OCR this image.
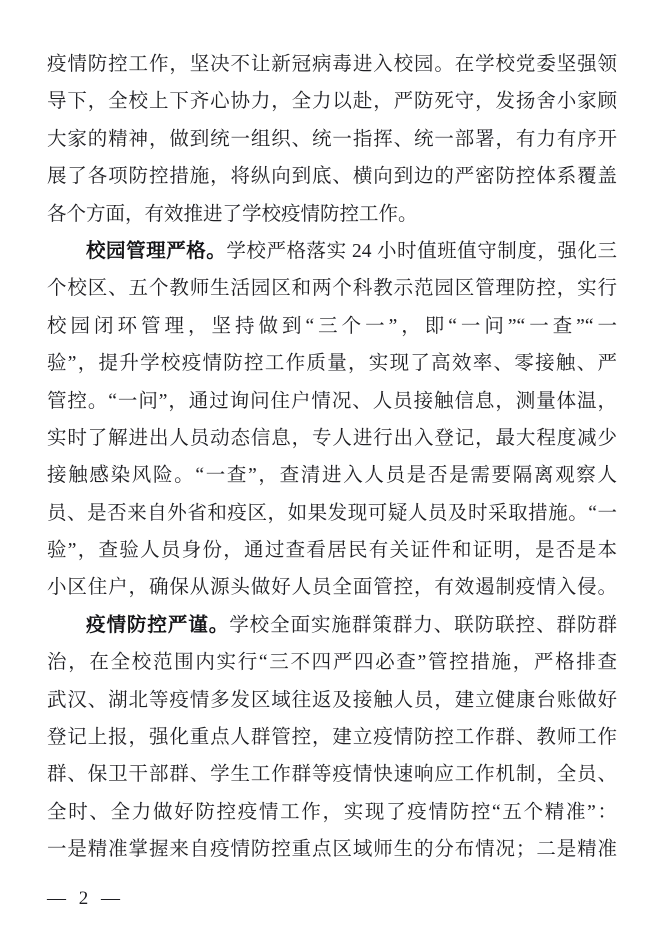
疫情防控工作，坚决不让新冠病毒进入校园。在学校党委坚强领
导下，全校上下齐心协力，全力以赴，严防死守，发扬舍小家顾
大家的精神，做到统一组织、统一指挥、统一部署，有力有序开
展了各项防控措施，将纵向到底、横向到边的严密防控体系覆盖
各个方面，有效推进了学校疫情防控工作。
校园管理严格。学校严格落实 24 小时值班值守制度，强化三
个校区、五个教师生活园区和两个科教示范园区管理防控，实行
校园闭环管理，坚持做到“三个一”，即“一问”“一查”“一
验”，提升学校疫情防控工作质量，实现了高效率、零接触、严
管控。“一问”，通过询问住户情况、人员接触信息，测量体温，
实时了解进出人员动态信息，专人进行出入登记，最大程度减少
接触感染风险。“一查”，查清进入人员是否是需要隔离观察人
员、是否来自外省和疫区，如果发现可疑人员及时采取措施。“一
验”，查验人员身份，通过查看居民有关证件和证明，是否是本
小区住户，确保从源头做好人员全面管控，有效遏制疫情入侵。
疫情防控严谨。学校全面实施群策群力、联防联控、群防群
治，在全校范围内实行“三不四严四必查”管控措施，严格排查
武汉、湖北等疫情多发区域往返及接触人员，建立健康台账做好
登记上报，强化重点人群管控，建立疫情防控工作群、教师工作
群、保卫干部群、学生工作群等疫情快速响应工作机制，全员、
全时、全力做好防控疫情工作，实现了疫情防控“五个精准”：
一是精准掌握来自疫情防控重点区域师生的分布情况；二是精准
— 2 —
